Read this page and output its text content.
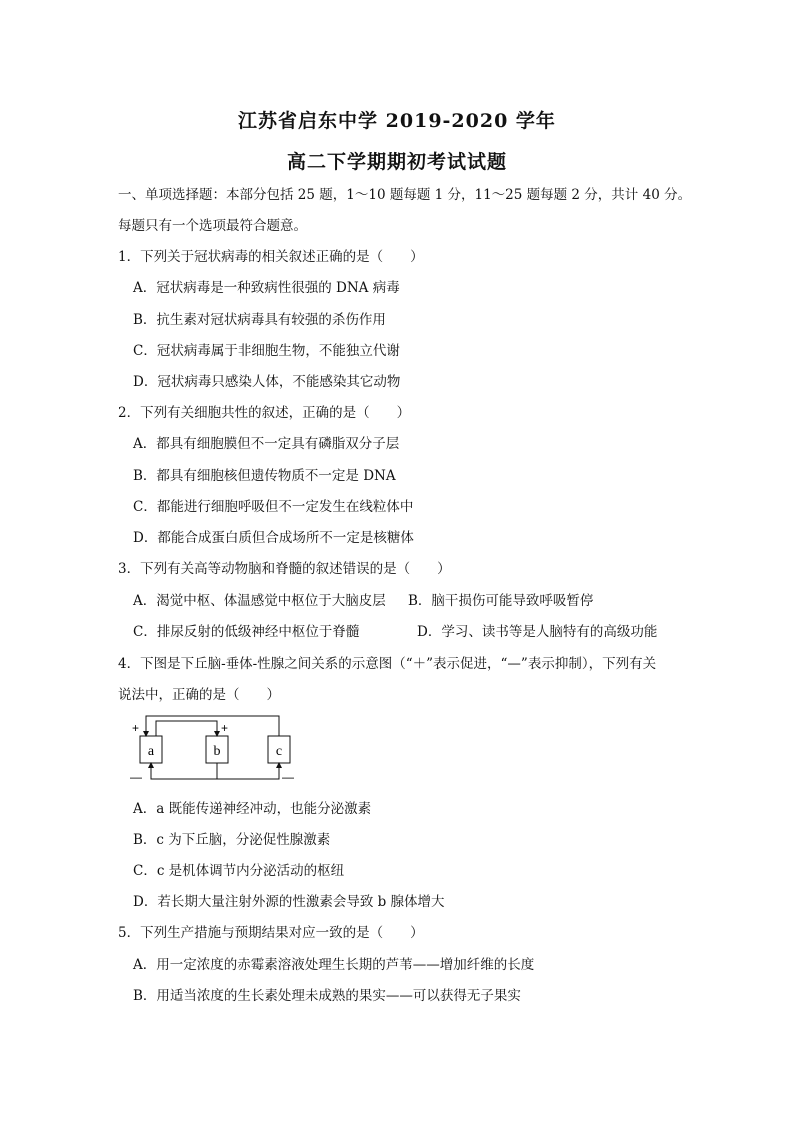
江苏省启东中学 2019-2020 学年
高二下学期期初考试试题
一、单项选择题：本部分包括 25 题，1～10 题每题 1 分，11～25 题每题 2 分，共计 40 分。
每题只有一个选项最符合题意。
1．下列关于冠状病毒的相关叙述正确的是（　　）
A．冠状病毒是一种致病性很强的 DNA 病毒
B．抗生素对冠状病毒具有较强的杀伤作用
C．冠状病毒属于非细胞生物，不能独立代谢
D．冠状病毒只感染人体，不能感染其它动物
2．下列有关细胞共性的叙述，正确的是（　　）
A．都具有细胞膜但不一定具有磷脂双分子层
B．都具有细胞核但遗传物质不一定是 DNA
C．都能进行细胞呼吸但不一定发生在线粒体中
D．都能合成蛋白质但合成场所不一定是核糖体
3．下列有关高等动物脑和脊髓的叙述错误的是（　　）
A．渴觉中枢、体温感觉中枢位于大脑皮层 B．脑干损伤可能导致呼吸暂停
C．排尿反射的低级神经中枢位于脊髓	D．学习、读书等是人脑特有的高级功能
4．下图是下丘脑-垂体-性腺之间关系的示意图（“＋”表示促进，“—”表示抑制），下列有关
说法中，正确的是（　　）
a	b	c
+	+
—	—
A．a 既能传递神经冲动，也能分泌激素
B．c 为下丘脑，分泌促性腺激素
C．c 是机体调节内分泌活动的枢纽
D．若长期大量注射外源的性激素会导致 b 腺体增大
5．下列生产措施与预期结果对应一致的是（　　）
A．用一定浓度的赤霉素溶液处理生长期的芦苇——增加纤维的长度
B．用适当浓度的生长素处理未成熟的果实——可以获得无子果实
